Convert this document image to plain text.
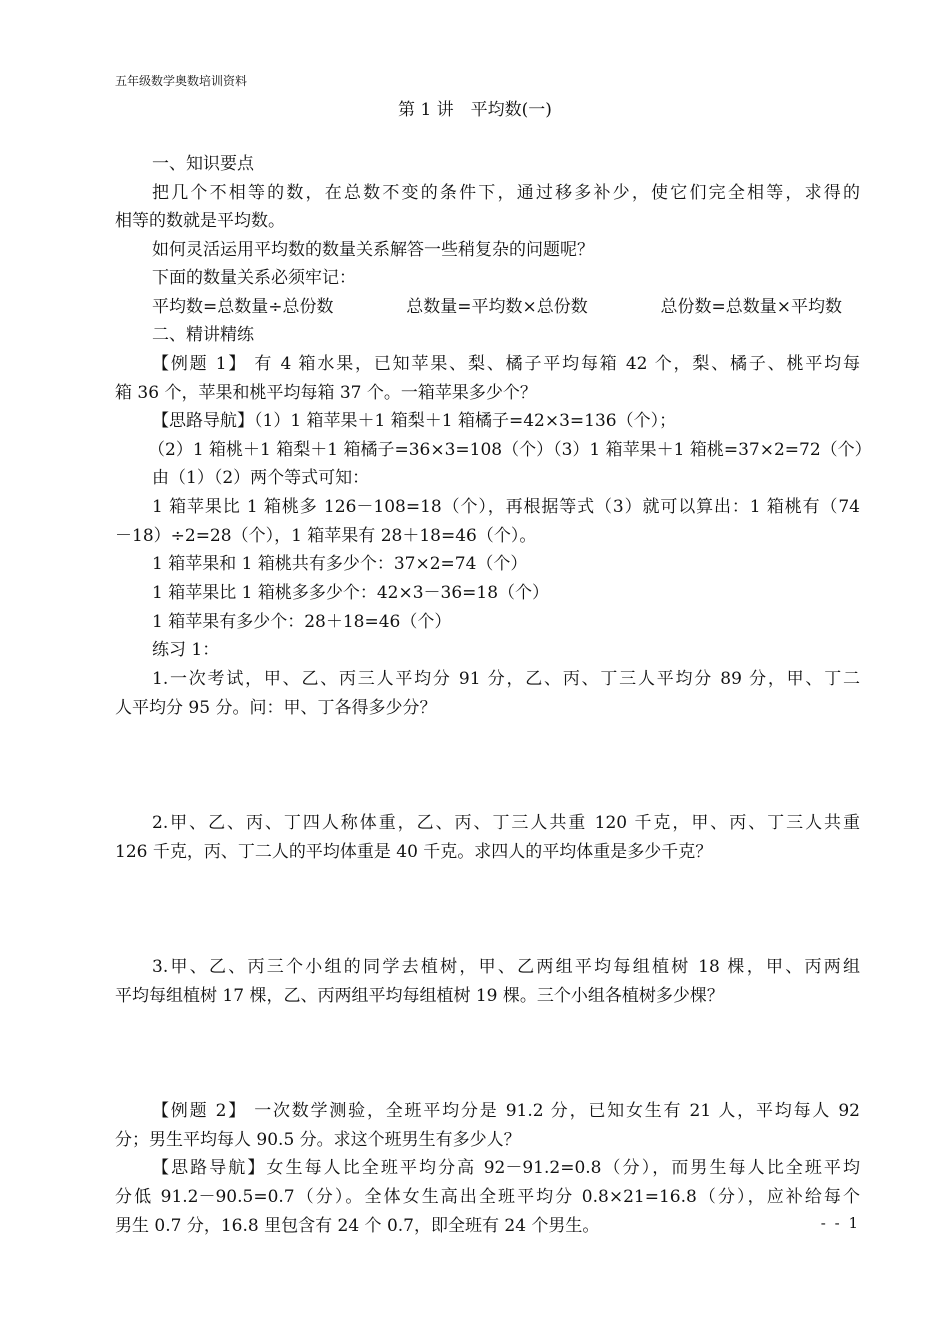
五年级数学奥数培训资料
第 1 讲　平均数(一)
一、知识要点
把几个不相等的数，在总数不变的条件下，通过移多补少，使它们完全相等，求得的
相等的数就是平均数。
如何灵活运用平均数的数量关系解答一些稍复杂的问题呢？
下面的数量关系必须牢记：
平均数=总数量÷总份数	总数量=平均数×总份数	总份数=总数量×平均数
二、精讲精练
【例题 1】 有 4 箱水果，已知苹果、梨、橘子平均每箱 42 个，梨、橘子、桃平均每
箱 36 个，苹果和桃平均每箱 37 个。一箱苹果多少个？
【思路导航】（1）1 箱苹果＋1 箱梨＋1 箱橘子=42×3=136（个）；
（2）1 箱桃＋1 箱梨＋1 箱橘子=36×3=108（个）（3）1 箱苹果＋1 箱桃=37×2=72（个）
由（1）（2）两个等式可知：
1 箱苹果比 1 箱桃多 126－108=18（个），再根据等式（3）就可以算出：1 箱桃有（74
－18）÷2=28（个），1 箱苹果有 28＋18=46（个）。
1 箱苹果和 1 箱桃共有多少个：37×2=74（个）
1 箱苹果比 1 箱桃多多少个：42×3－36=18（个）
1 箱苹果有多少个：28＋18=46（个）
练习 1：
1.一次考试，甲、乙、丙三人平均分 91 分，乙、丙、丁三人平均分 89 分，甲、丁二
人平均分 95 分。问：甲、丁各得多少分？
2.甲、乙、丙、丁四人称体重，乙、丙、丁三人共重 120 千克，甲、丙、丁三人共重
126 千克，丙、丁二人的平均体重是 40 千克。求四人的平均体重是多少千克？
3.甲、乙、丙三个小组的同学去植树，甲、乙两组平均每组植树 18 棵，甲、丙两组
平均每组植树 17 棵，乙、丙两组平均每组植树 19 棵。三个小组各植树多少棵？
【例题 2】 一次数学测验，全班平均分是 91.2 分，已知女生有 21 人，平均每人 92
分；男生平均每人 90.5 分。求这个班男生有多少人？
【思路导航】女生每人比全班平均分高 92－91.2=0.8（分），而男生每人比全班平均
分低 91.2－90.5=0.7（分）。全体女生高出全班平均分 0.8×21=16.8（分），应补给每个
男生 0.7 分，16.8 里包含有 24 个 0.7，即全班有 24 个男生。	- - 1
